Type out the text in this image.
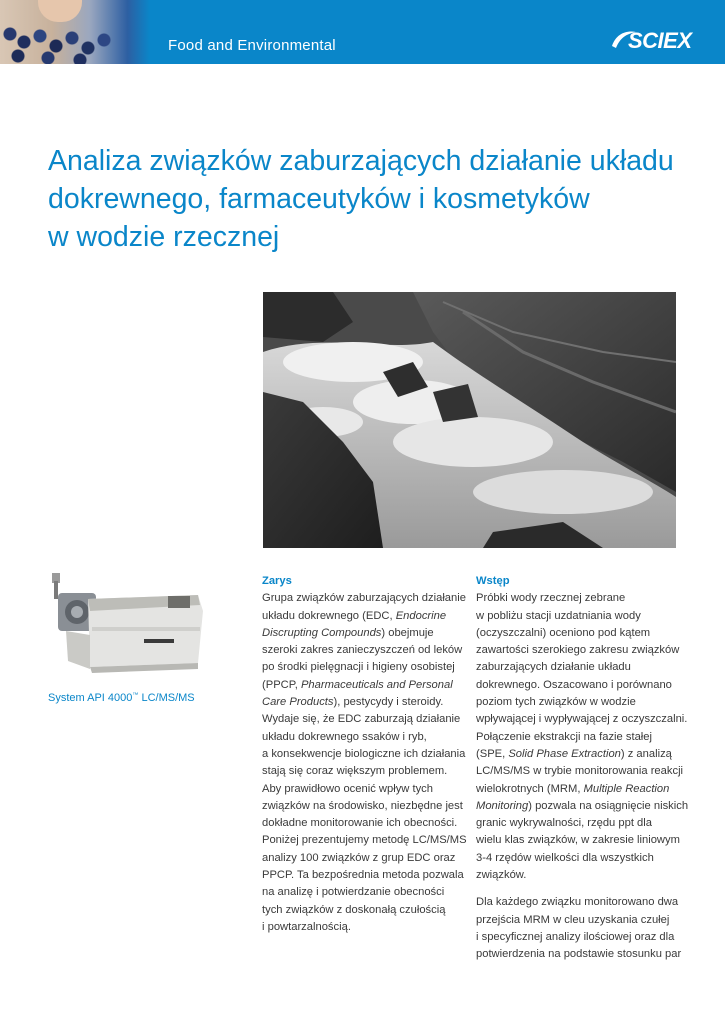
Food and Environmental	SCIEX
Analiza związków zaburzających działanie układu
dokrewnego, farmaceutyków i kosmetyków
w wodzie rzecznej
System API 4000™ LC/MS/MS
Zarys

Grupa związków zaburzających działanie
układu dokrewnego (EDC, Endocrine
Discrupting Compounds) obejmuje
szeroki zakres zanieczyszczeń od leków
po środki pielęgnacji i higieny osobistej
(PPCP, Pharmaceuticals and Personal
Care Products), pestycydy i steroidy.
Wydaje się, że EDC zaburzają działanie
układu dokrewnego ssaków i ryb,
a konsekwencje biologiczne ich działania
stają się coraz większym problemem.
Aby prawidłowo ocenić wpływ tych
związków na środowisko, niezbędne jest
dokładne monitorowanie ich obecności.
Poniżej prezentujemy metodę LC/MS/MS
analizy 100 związków z grup EDC oraz
PPCP. Ta bezpośrednia metoda pozwala
na analizę i potwierdzanie obecności
tych związków z doskonałą czułością
i powtarzalnością.

Wstęp

Próbki wody rzecznej zebrane
w pobliżu stacji uzdatniania wody
(oczyszczalni) oceniono pod kątem
zawartości szerokiego zakresu związków
zaburzających działanie układu
dokrewnego. Oszacowano i porównano
poziom tych związków w wodzie
wpływającej i wypływającej z oczyszczalni.
Połączenie ekstrakcji na fazie stałej
(SPE, Solid Phase Extraction) z analizą
LC/MS/MS w trybie monitorowania reakcji
wielokrotnych (MRM, Multiple Reaction
Monitoring) pozwala na osiągnięcie niskich
granic wykrywalności, rzędu ppt dla
wielu klas związków, w zakresie liniowym
3-4 rzędów wielkości dla wszystkich
związków.

Dla każdego związku monitorowano dwa
przejścia MRM w cleu uzyskania czułej
i specyficznej analizy ilościowej oraz dla
potwierdzenia na podstawie stosunku par
